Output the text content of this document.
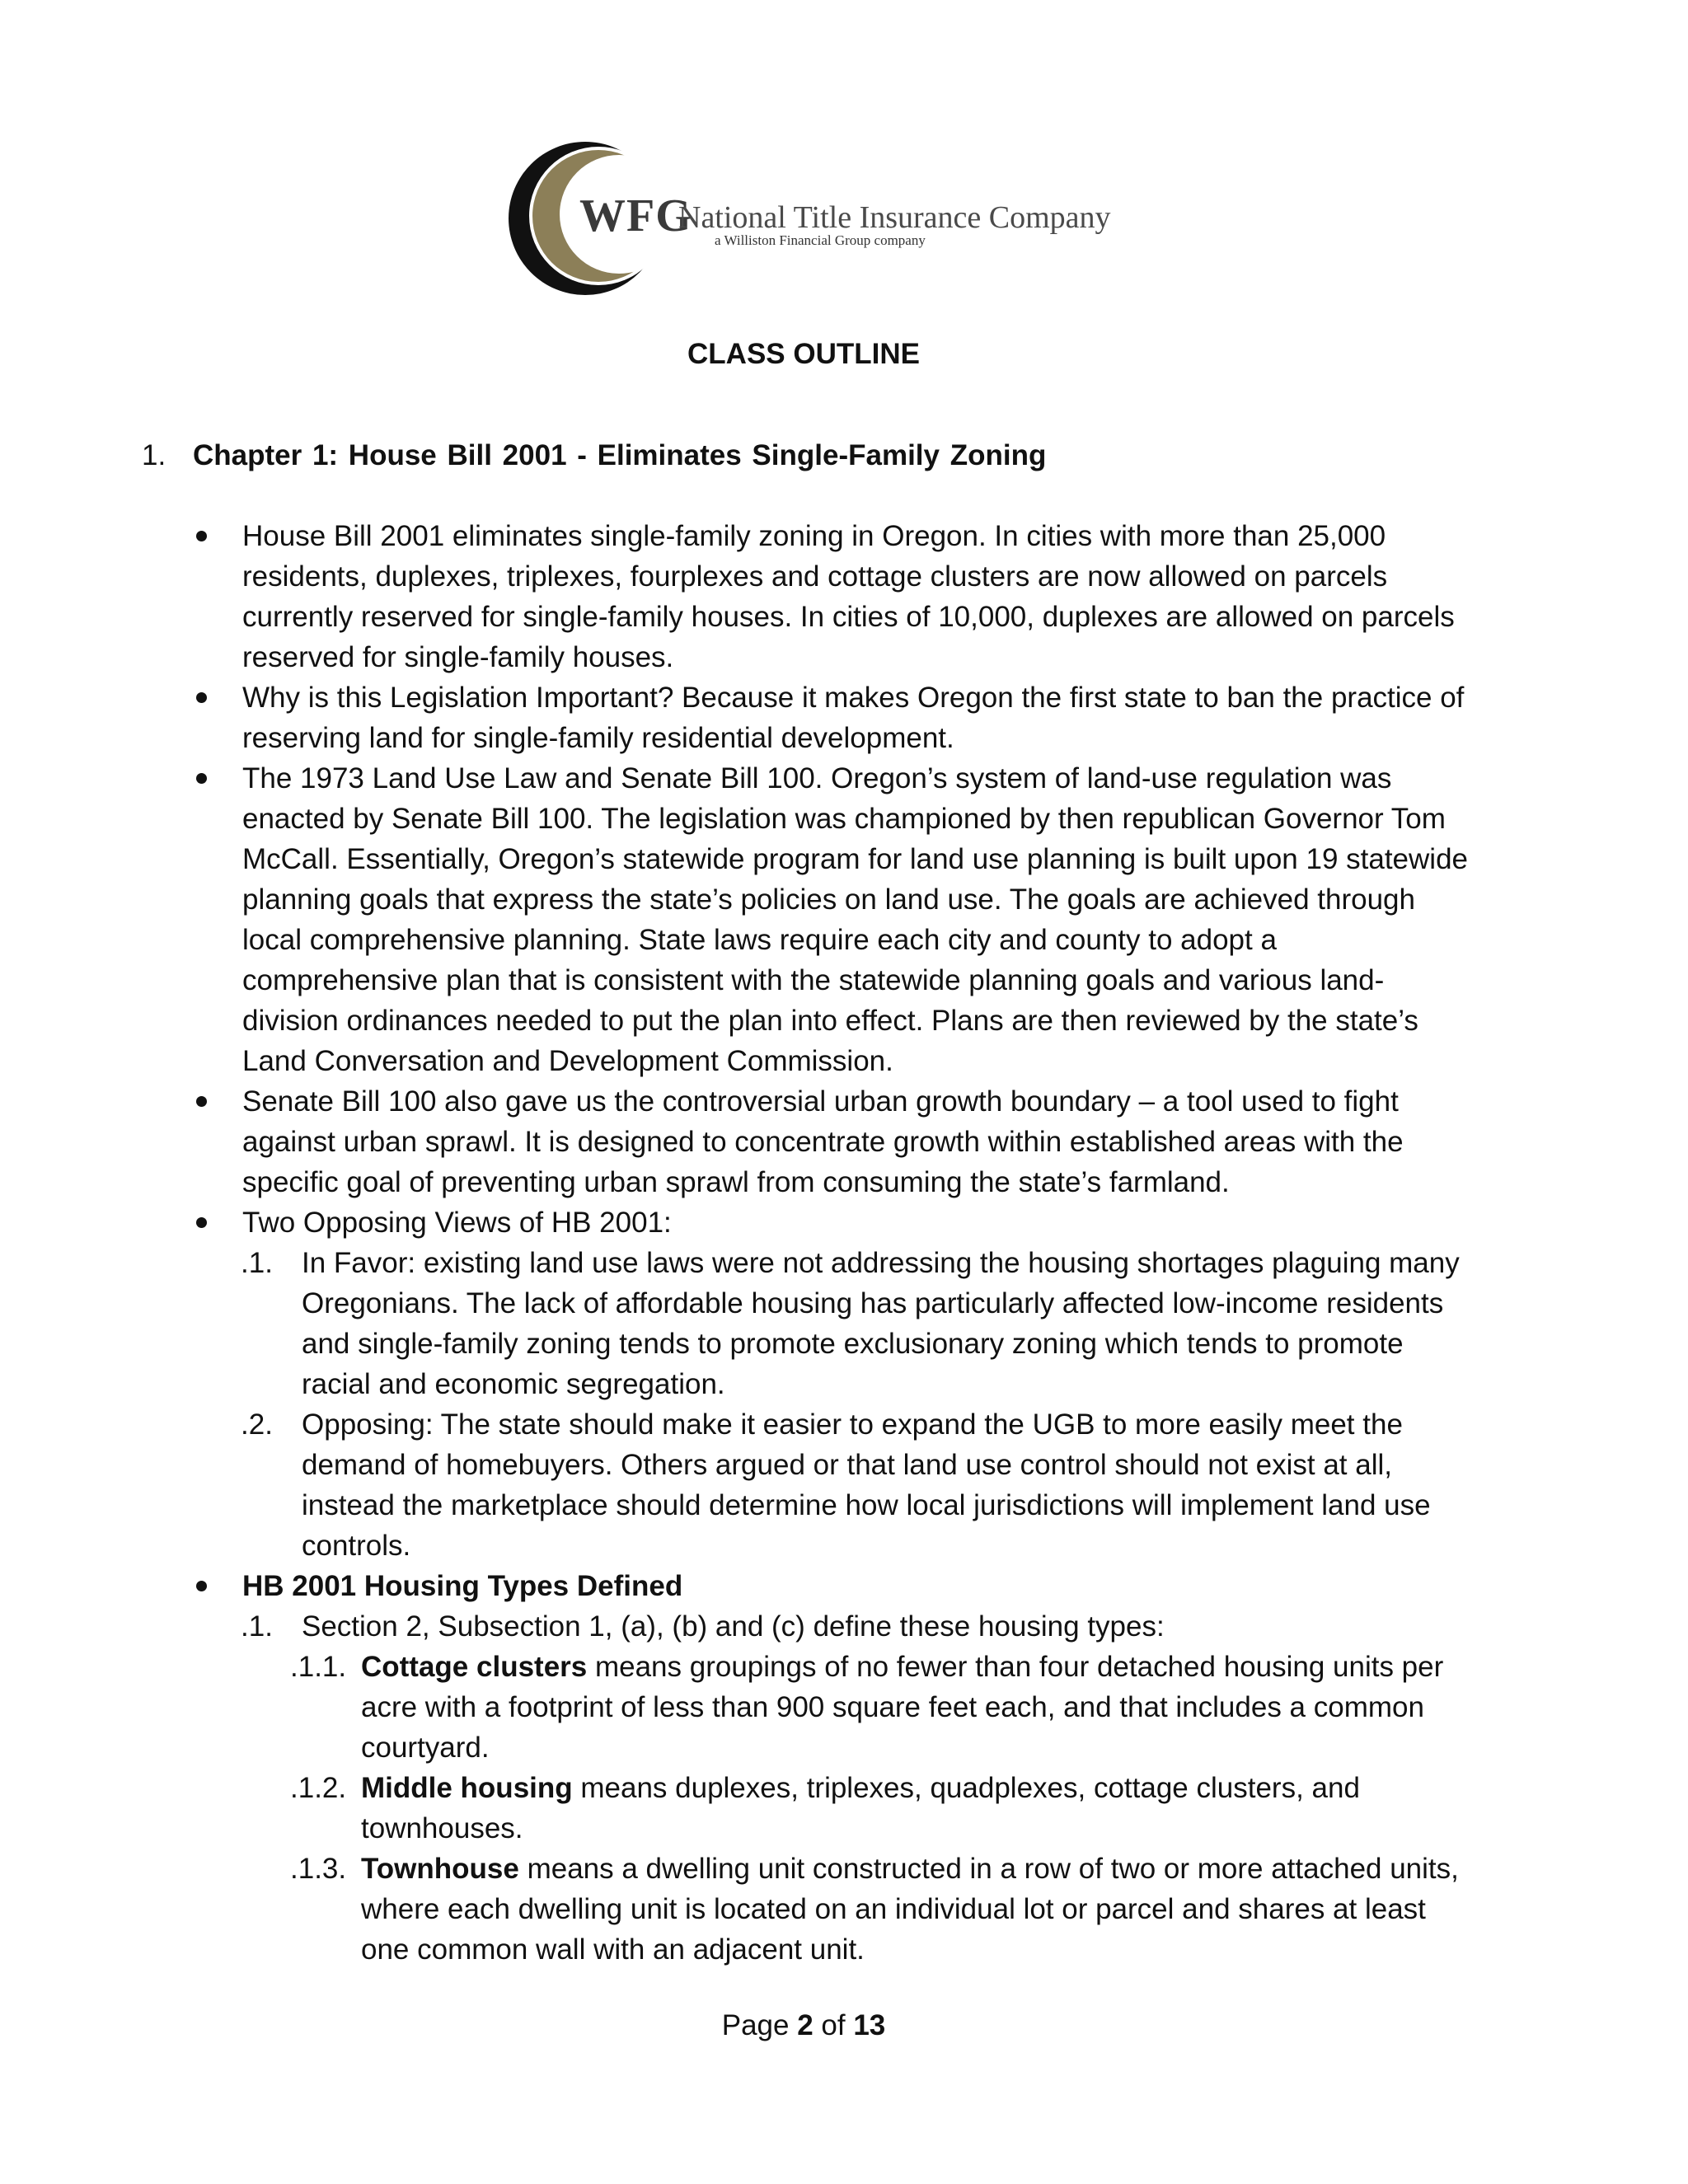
WFG
National Title Insurance Company
a Williston Financial Group company
CLASS OUTLINE
1. Chapter 1: House Bill 2001 - Eliminates Single-Family Zoning
House Bill 2001 eliminates single-family zoning in Oregon. In cities with more than 25,000 residents, duplexes, triplexes, fourplexes and cottage clusters are now allowed on parcels currently reserved for single-family houses. In cities of 10,000, duplexes are allowed on parcels reserved for single-family houses.
Why is this Legislation Important? Because it makes Oregon the first state to ban the practice of reserving land for single-family residential development.
The 1973 Land Use Law and Senate Bill 100. Oregon’s system of land-use regulation was enacted by Senate Bill 100. The legislation was championed by then republican Governor Tom McCall. Essentially, Oregon’s statewide program for land use planning is built upon 19 statewide planning goals that express the state’s policies on land use. The goals are achieved through local comprehensive planning. State laws require each city and county to adopt a comprehensive plan that is consistent with the statewide planning goals and various land-division ordinances needed to put the plan into effect. Plans are then reviewed by the state’s Land Conversation and Development Commission.
Senate Bill 100 also gave us the controversial urban growth boundary – a tool used to fight against urban sprawl. It is designed to concentrate growth within established areas with the specific goal of preventing urban sprawl from consuming the state’s farmland.
Two Opposing Views of HB 2001:
.1. In Favor: existing land use laws were not addressing the housing shortages plaguing many Oregonians. The lack of affordable housing has particularly affected low-income residents and single-family zoning tends to promote exclusionary zoning which tends to promote racial and economic segregation.
.2. Opposing: The state should make it easier to expand the UGB to more easily meet the demand of homebuyers. Others argued or that land use control should not exist at all, instead the marketplace should determine how local jurisdictions will implement land use controls.
HB 2001 Housing Types Defined
.1. Section 2, Subsection 1, (a), (b) and (c) define these housing types:
.1.1. Cottage clusters means groupings of no fewer than four detached housing units per acre with a footprint of less than 900 square feet each, and that includes a common courtyard.
.1.2. Middle housing means duplexes, triplexes, quadplexes, cottage clusters, and townhouses.
.1.3. Townhouse means a dwelling unit constructed in a row of two or more attached units, where each dwelling unit is located on an individual lot or parcel and shares at least one common wall with an adjacent unit.
Page 2 of 13
